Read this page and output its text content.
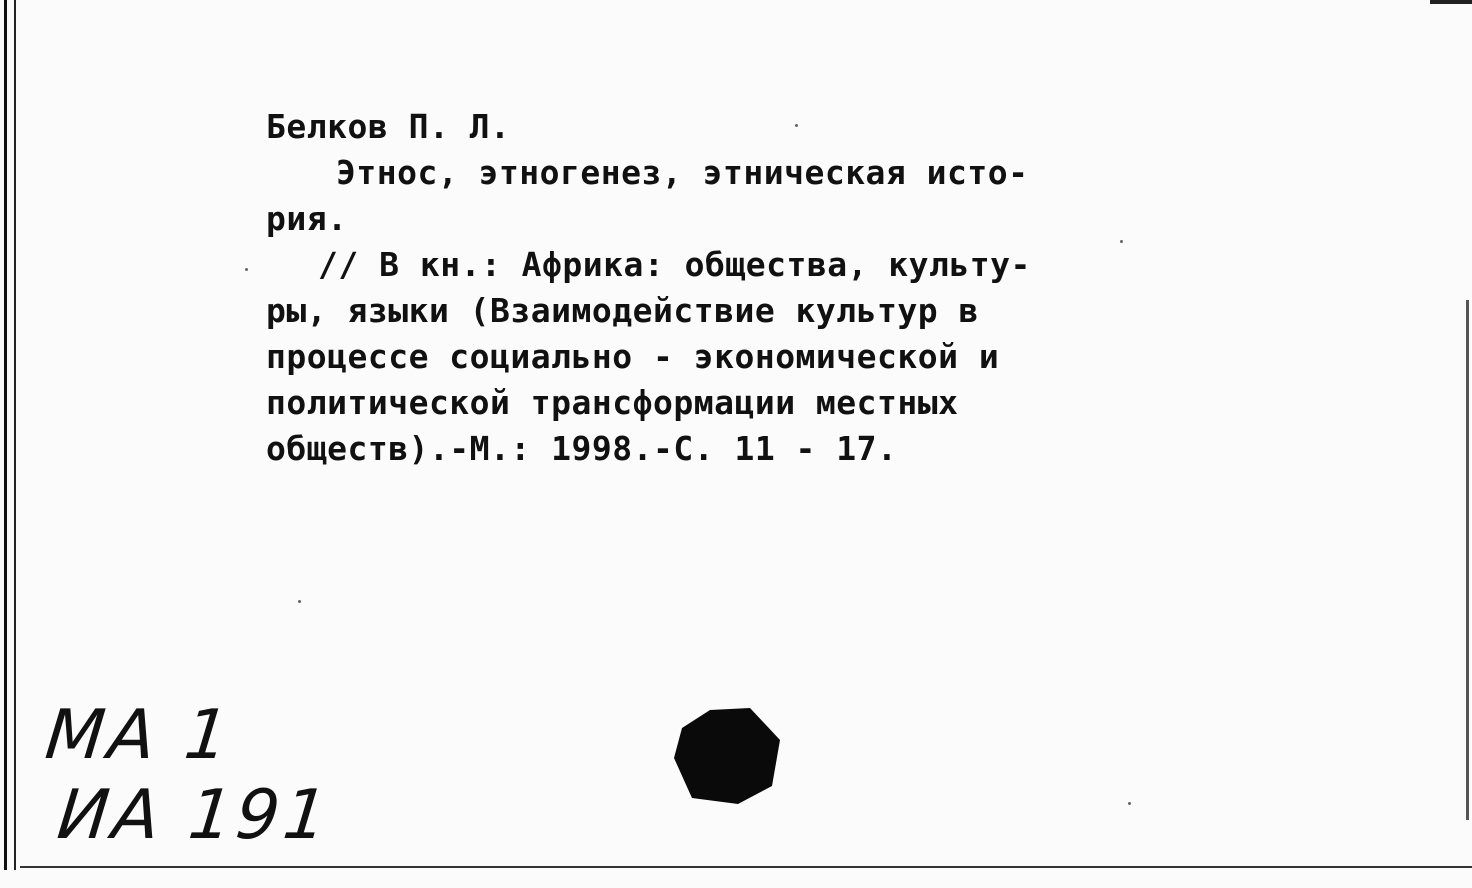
Белков П. Л.
Этнос, этногенез, этническая исто-
рия.
// В кн.: Африка: общества, культу-
ры, языки (Взаимодействие культур в
процессе социально - экономической и
политической трансформации местных
обществ).-М.: 1998.-С. 11 - 17.
МА 1
ИА 191
